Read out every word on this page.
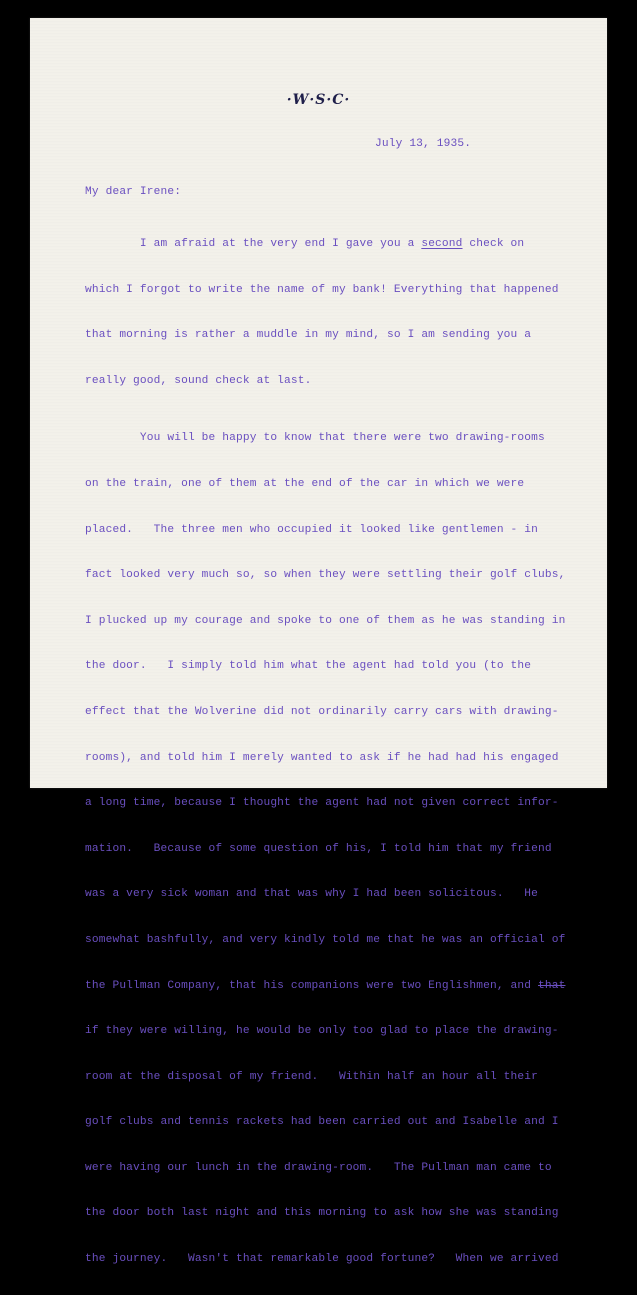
·W·S·C·
July 13, 1935.
My dear Irene:

I am afraid at the very end I gave you a second check on

which I forgot to write the name of my bank! Everything that happened

that morning is rather a muddle in my mind, so I am sending you a

really good, sound check at last.

You will be happy to know that there were two drawing-rooms

on the train, one of them at the end of the car in which we were

placed.   The three men who occupied it looked like gentlemen - in

fact looked very much so, so when they were settling their golf clubs,

I plucked up my courage and spoke to one of them as he was standing in

the door.   I simply told him what the agent had told you (to the

effect that the Wolverine did not ordinarily carry cars with drawing-

rooms), and told him I merely wanted to ask if he had had his engaged

a long time, because I thought the agent had not given correct infor-

mation.   Because of some question of his, I told him that my friend

was a very sick woman and that was why I had been solicitous.   He

somewhat bashfully, and very kindly told me that he was an official of

the Pullman Company, that his companions were two Englishmen, and that

if they were willing, he would be only too glad to place the drawing-

room at the disposal of my friend.   Within half an hour all their

golf clubs and tennis rackets had been carried out and Isabelle and I

were having our lunch in the drawing-room.   The Pullman man came to

the door both last night and this morning to ask how she was standing

the journey.   Wasn't that remarkable good fortune?   When we arrived
